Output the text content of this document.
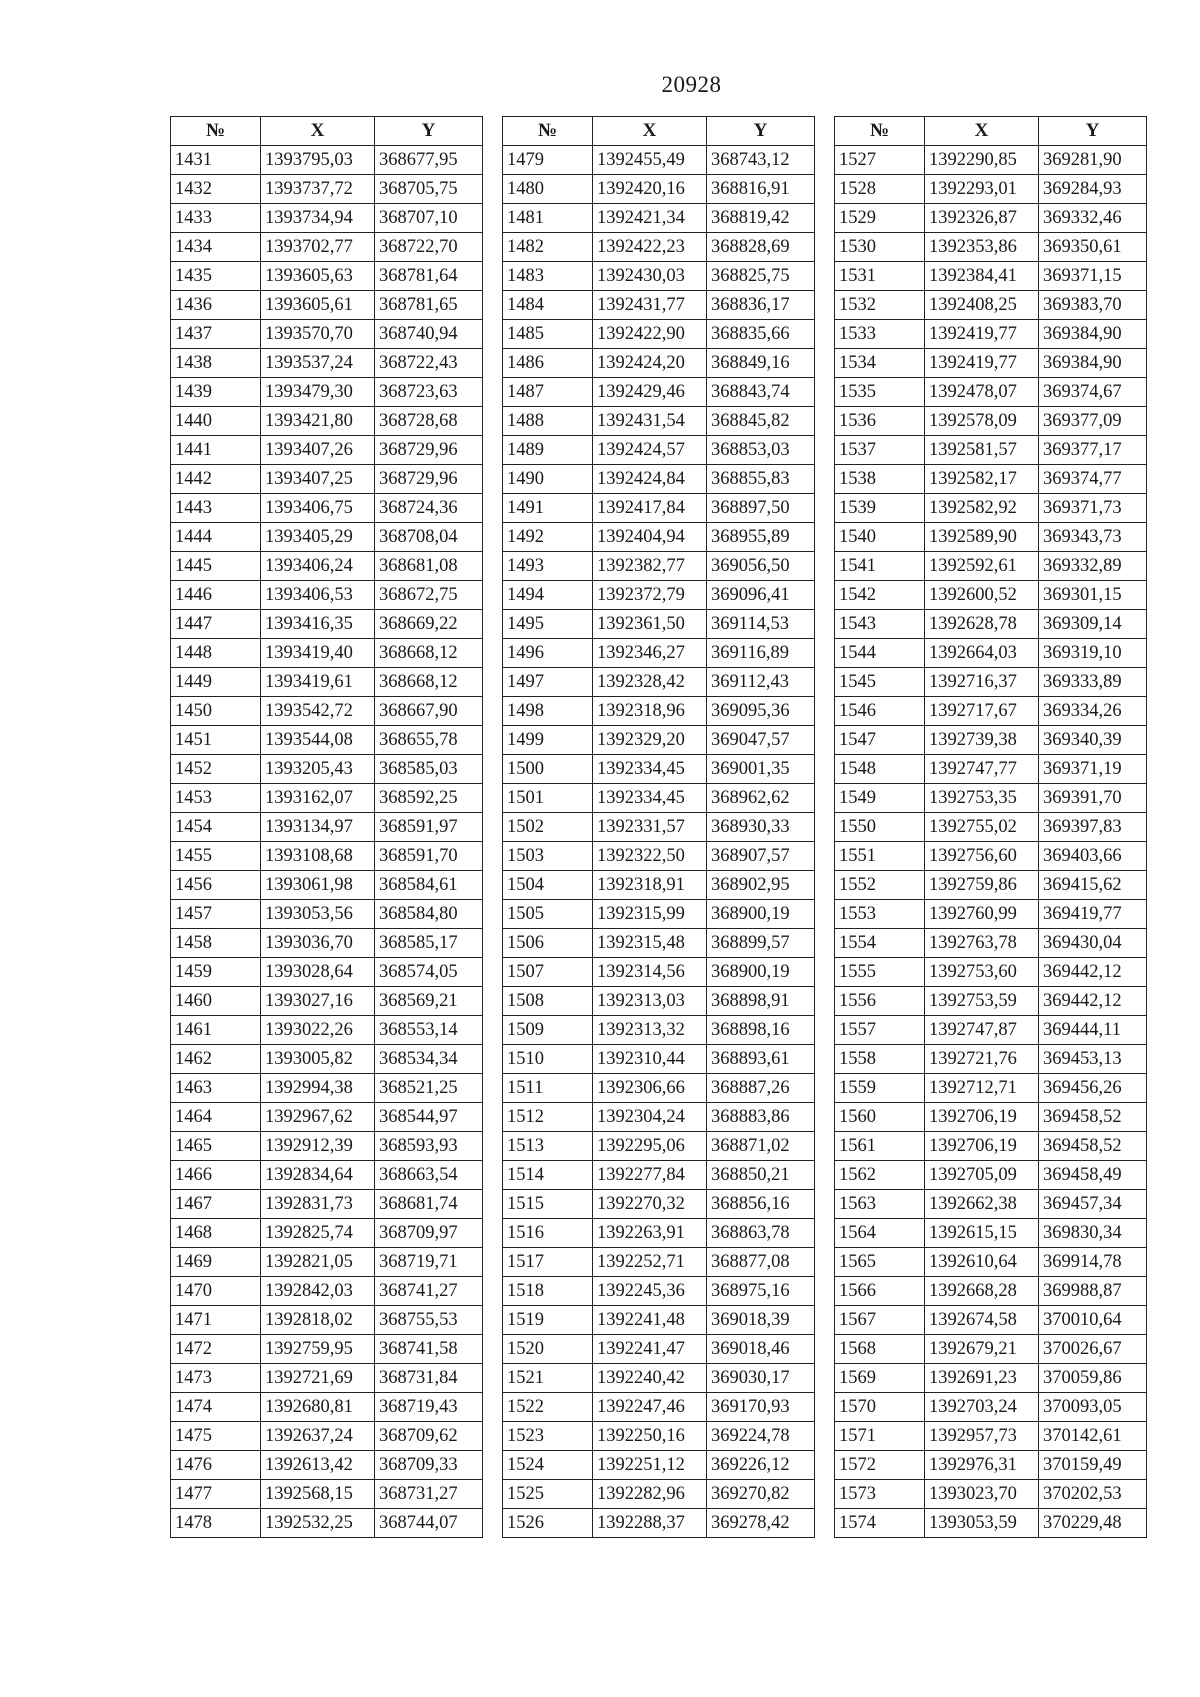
20928
№	X	Y
1431	1393795,03	368677,95
1432	1393737,72	368705,75
1433	1393734,94	368707,10
1434	1393702,77	368722,70
1435	1393605,63	368781,64
1436	1393605,61	368781,65
1437	1393570,70	368740,94
1438	1393537,24	368722,43
1439	1393479,30	368723,63
1440	1393421,80	368728,68
1441	1393407,26	368729,96
1442	1393407,25	368729,96
1443	1393406,75	368724,36
1444	1393405,29	368708,04
1445	1393406,24	368681,08
1446	1393406,53	368672,75
1447	1393416,35	368669,22
1448	1393419,40	368668,12
1449	1393419,61	368668,12
1450	1393542,72	368667,90
1451	1393544,08	368655,78
1452	1393205,43	368585,03
1453	1393162,07	368592,25
1454	1393134,97	368591,97
1455	1393108,68	368591,70
1456	1393061,98	368584,61
1457	1393053,56	368584,80
1458	1393036,70	368585,17
1459	1393028,64	368574,05
1460	1393027,16	368569,21
1461	1393022,26	368553,14
1462	1393005,82	368534,34
1463	1392994,38	368521,25
1464	1392967,62	368544,97
1465	1392912,39	368593,93
1466	1392834,64	368663,54
1467	1392831,73	368681,74
1468	1392825,74	368709,97
1469	1392821,05	368719,71
1470	1392842,03	368741,27
1471	1392818,02	368755,53
1472	1392759,95	368741,58
1473	1392721,69	368731,84
1474	1392680,81	368719,43
1475	1392637,24	368709,62
1476	1392613,42	368709,33
1477	1392568,15	368731,27
1478	1392532,25	368744,07
№	X	Y
1479	1392455,49	368743,12
1480	1392420,16	368816,91
1481	1392421,34	368819,42
1482	1392422,23	368828,69
1483	1392430,03	368825,75
1484	1392431,77	368836,17
1485	1392422,90	368835,66
1486	1392424,20	368849,16
1487	1392429,46	368843,74
1488	1392431,54	368845,82
1489	1392424,57	368853,03
1490	1392424,84	368855,83
1491	1392417,84	368897,50
1492	1392404,94	368955,89
1493	1392382,77	369056,50
1494	1392372,79	369096,41
1495	1392361,50	369114,53
1496	1392346,27	369116,89
1497	1392328,42	369112,43
1498	1392318,96	369095,36
1499	1392329,20	369047,57
1500	1392334,45	369001,35
1501	1392334,45	368962,62
1502	1392331,57	368930,33
1503	1392322,50	368907,57
1504	1392318,91	368902,95
1505	1392315,99	368900,19
1506	1392315,48	368899,57
1507	1392314,56	368900,19
1508	1392313,03	368898,91
1509	1392313,32	368898,16
1510	1392310,44	368893,61
1511	1392306,66	368887,26
1512	1392304,24	368883,86
1513	1392295,06	368871,02
1514	1392277,84	368850,21
1515	1392270,32	368856,16
1516	1392263,91	368863,78
1517	1392252,71	368877,08
1518	1392245,36	368975,16
1519	1392241,48	369018,39
1520	1392241,47	369018,46
1521	1392240,42	369030,17
1522	1392247,46	369170,93
1523	1392250,16	369224,78
1524	1392251,12	369226,12
1525	1392282,96	369270,82
1526	1392288,37	369278,42
№	X	Y
1527	1392290,85	369281,90
1528	1392293,01	369284,93
1529	1392326,87	369332,46
1530	1392353,86	369350,61
1531	1392384,41	369371,15
1532	1392408,25	369383,70
1533	1392419,77	369384,90
1534	1392419,77	369384,90
1535	1392478,07	369374,67
1536	1392578,09	369377,09
1537	1392581,57	369377,17
1538	1392582,17	369374,77
1539	1392582,92	369371,73
1540	1392589,90	369343,73
1541	1392592,61	369332,89
1542	1392600,52	369301,15
1543	1392628,78	369309,14
1544	1392664,03	369319,10
1545	1392716,37	369333,89
1546	1392717,67	369334,26
1547	1392739,38	369340,39
1548	1392747,77	369371,19
1549	1392753,35	369391,70
1550	1392755,02	369397,83
1551	1392756,60	369403,66
1552	1392759,86	369415,62
1553	1392760,99	369419,77
1554	1392763,78	369430,04
1555	1392753,60	369442,12
1556	1392753,59	369442,12
1557	1392747,87	369444,11
1558	1392721,76	369453,13
1559	1392712,71	369456,26
1560	1392706,19	369458,52
1561	1392706,19	369458,52
1562	1392705,09	369458,49
1563	1392662,38	369457,34
1564	1392615,15	369830,34
1565	1392610,64	369914,78
1566	1392668,28	369988,87
1567	1392674,58	370010,64
1568	1392679,21	370026,67
1569	1392691,23	370059,86
1570	1392703,24	370093,05
1571	1392957,73	370142,61
1572	1392976,31	370159,49
1573	1393023,70	370202,53
1574	1393053,59	370229,48
